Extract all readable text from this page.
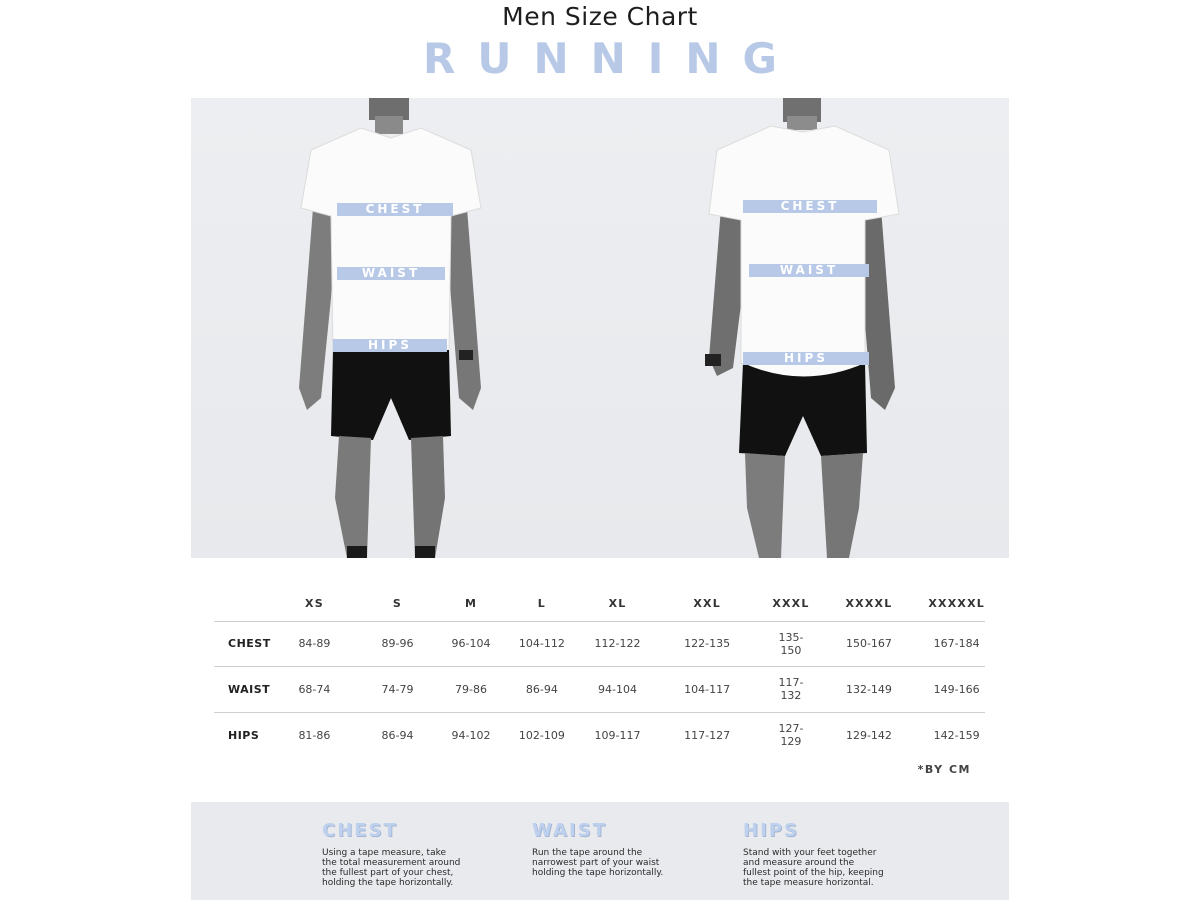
Men Size Chart
RUNNING
CHEST
WAIST
HIPS
CHEST
WAIST
HIPS
	XS	S	M	L	XL	XXL	XXXL	XXXXL	XXXXXL
CHEST	84-89	89-96	96-104	104-112	112-122	122-135	135-150	150-167	167-184
WAIST	68-74	74-79	79-86	86-94	94-104	104-117	117-132	132-149	149-166
HIPS	81-86	86-94	94-102	102-109	109-117	117-127	127-129	129-142	142-159
*BY CM
CHEST
Using a tape measure, take
the total measurement around
the fullest part of your chest,
holding the tape horizontally.
WAIST
Run the tape around the
narrowest part of your waist
holding the tape horizontally.
HIPS
Stand with your feet together
and measure around the
fullest point of the hip, keeping
the tape measure horizontal.
